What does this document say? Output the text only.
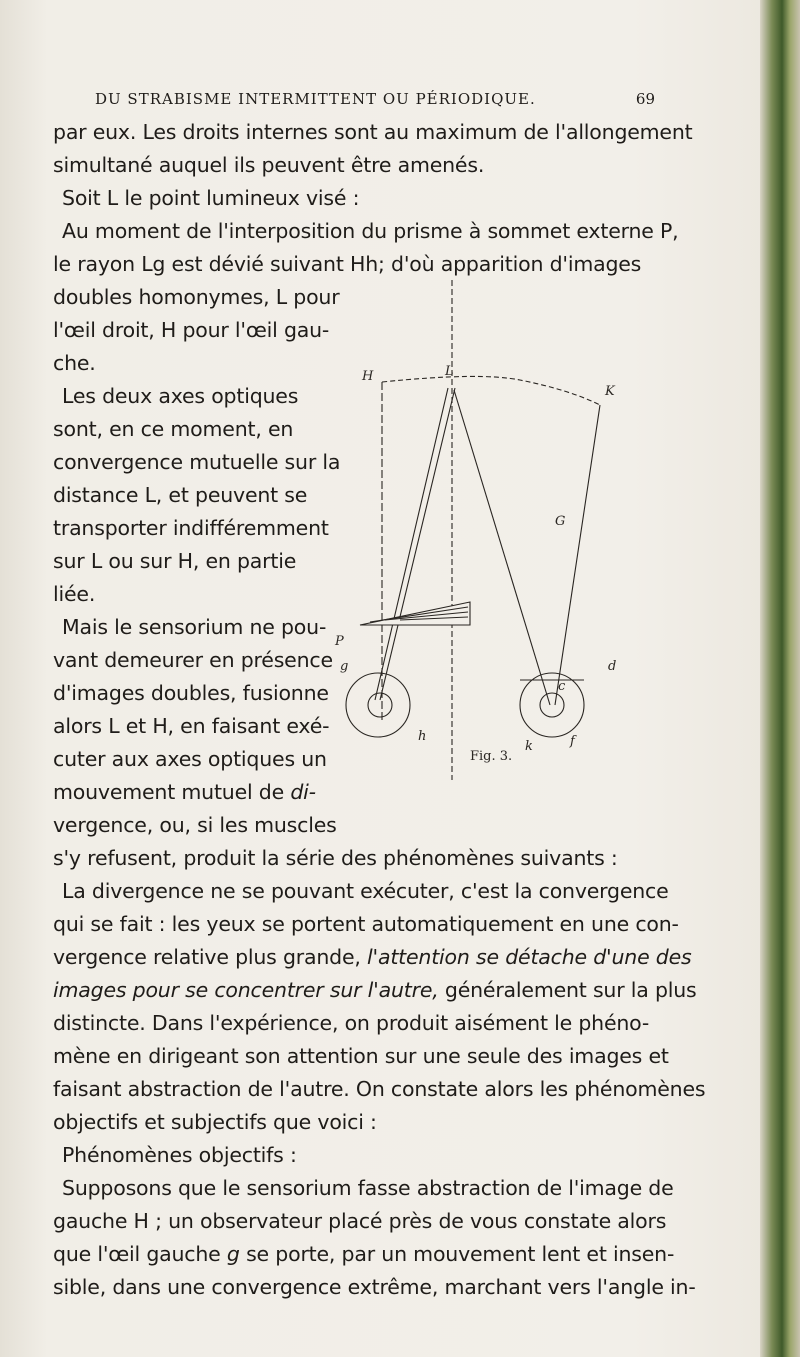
DU STRABISME INTERMITTENT OU PÉRIODIQUE.	69
par eux. Les droits internes sont au maximum de l'allongement
simultané auquel ils peuvent être amenés.
Soit L le point lumineux visé :
Au moment de l'interposition du prisme à sommet externe P,
le rayon Lg est dévié suivant Hh; d'où apparition d'images
doubles homonymes, L pour
l'œil droit, H pour l'œil gau-
che.
Les deux axes optiques
sont, en ce moment, en
convergence mutuelle sur la
distance L, et peuvent se
transporter indifféremment
sur L ou sur H, en partie
liée.
Mais le sensorium ne pou-
vant demeurer en présence
d'images doubles, fusionne
alors L et H, en faisant exé-
cuter aux axes optiques un
mouvement mutuel de di-
vergence, ou, si les muscles
s'y refusent, produit la série des phénomènes suivants :
La divergence ne se pouvant exécuter, c'est la convergence
qui se fait : les yeux se portent automatiquement en une con-
vergence relative plus grande, l'attention se détache d'une des
images pour se concentrer sur l'autre, généralement sur la plus
distincte. Dans l'expérience, on produit aisément le phéno-
mène en dirigeant son attention sur une seule des images et
faisant abstraction de l'autre. On constate alors les phénomènes
objectifs et subjectifs que voici :
Phénomènes objectifs :
Supposons que le sensorium fasse abstraction de l'image de
gauche H ; un observateur placé près de vous constate alors
que l'œil gauche g se porte, par un mouvement lent et insen-
sible, dans une convergence extrême, marchant vers l'angle in-
L
H
K
G
P
g	d
h
k	f
c
Fig. 3.
